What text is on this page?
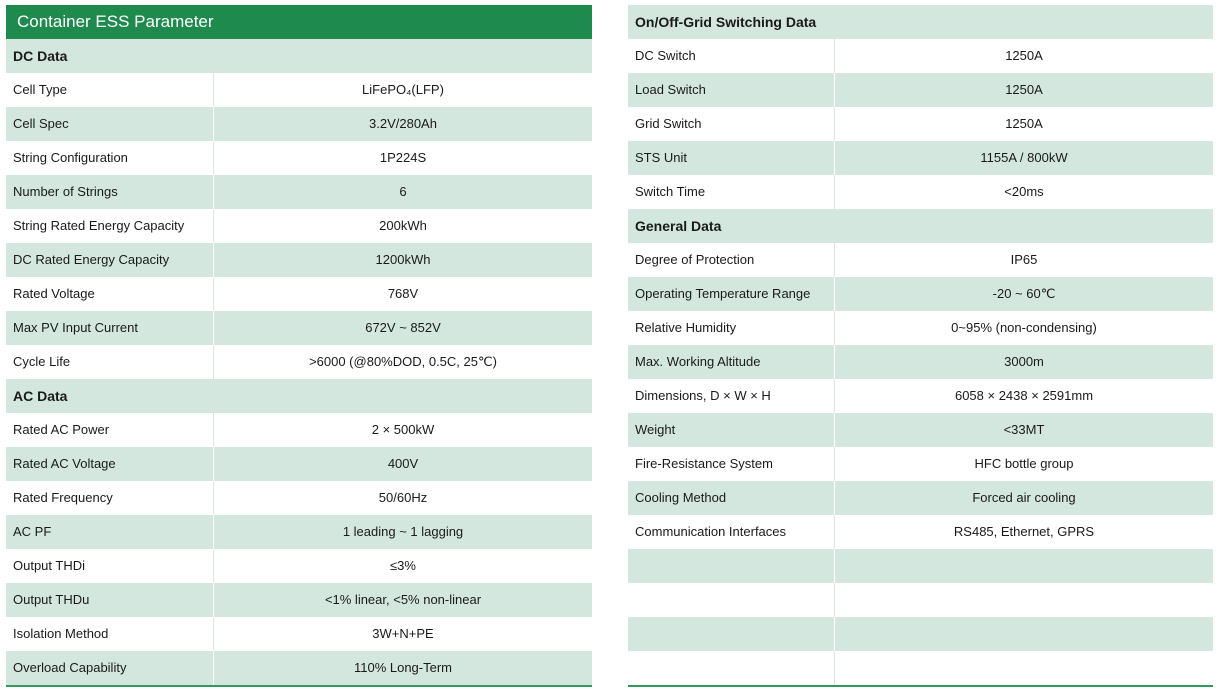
Container ESS Parameter
DC Data
Cell Type	LiFePO₄(LFP)
Cell Spec	3.2V/280Ah
String Configuration	1P224S
Number of Strings	6
String Rated Energy Capacity	200kWh
DC Rated Energy Capacity	1200kWh
Rated Voltage	768V
Max PV Input Current	672V ~ 852V
Cycle Life	>6000 (@80%DOD, 0.5C, 25℃)
AC Data
Rated AC Power	2 × 500kW
Rated AC Voltage	400V
Rated Frequency	50/60Hz
AC PF	1 leading ~ 1 lagging
Output THDi	≤3%
Output THDu	<1% linear, <5% non-linear
Isolation Method	3W+N+PE
Overload Capability	110% Long-Term
On/Off-Grid Switching Data
DC Switch	1250A
Load Switch	1250A
Grid Switch	1250A
STS Unit	1155A / 800kW
Switch Time	<20ms
General Data
Degree of Protection	IP65
Operating Temperature Range	-20 ~ 60℃
Relative Humidity	0~95% (non-condensing)
Max. Working Altitude	3000m
Dimensions, D × W × H	6058 × 2438 × 2591mm
Weight	<33MT
Fire-Resistance System	HFC bottle group
Cooling Method	Forced air cooling
Communication Interfaces	RS485, Ethernet, GPRS
